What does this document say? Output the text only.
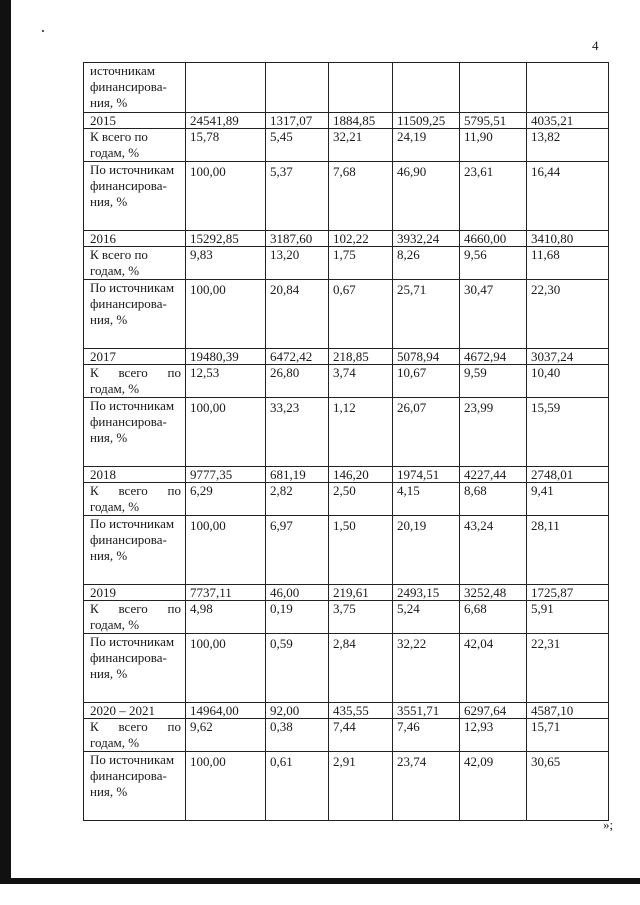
4
источникам финансирова- ния, %						
2015	24541,89	1317,07	1884,85	11509,25	5795,51	4035,21
К всего по годам, %	15,78	5,45	32,21	24,19	11,90	13,82
По источникам финансирова- ния, %	100,00	5,37	7,68	46,90	23,61	16,44
2016	15292,85	3187,60	102,22	3932,24	4660,00	3410,80
К всего по годам, %	9,83	13,20	1,75	8,26	9,56	11,68
По источникам финансирова- ния, %	100,00	20,84	0,67	25,71	30,47	22,30
2017	19480,39	6472,42	218,85	5078,94	4672,94	3037,24
К всего по годам, %	12,53	26,80	3,74	10,67	9,59	10,40
По источникам финансирова- ния, %	100,00	33,23	1,12	26,07	23,99	15,59
2018	9777,35	681,19	146,20	1974,51	4227,44	2748,01
К всего по годам, %	6,29	2,82	2,50	4,15	8,68	9,41
По источникам финансирова- ния, %	100,00	6,97	1,50	20,19	43,24	28,11
2019	7737,11	46,00	219,61	2493,15	3252,48	1725,87
К всего по годам, %	4,98	0,19	3,75	5,24	6,68	5,91
По источникам финансирова- ния, %	100,00	0,59	2,84	32,22	42,04	22,31
2020 – 2021	14964,00	92,00	435,55	3551,71	6297,64	4587,10
К всего по годам, %	9,62	0,38	7,44	7,46	12,93	15,71
По источникам финансирова- ния, %	100,00	0,61	2,91	23,74	42,09	30,65
»;
